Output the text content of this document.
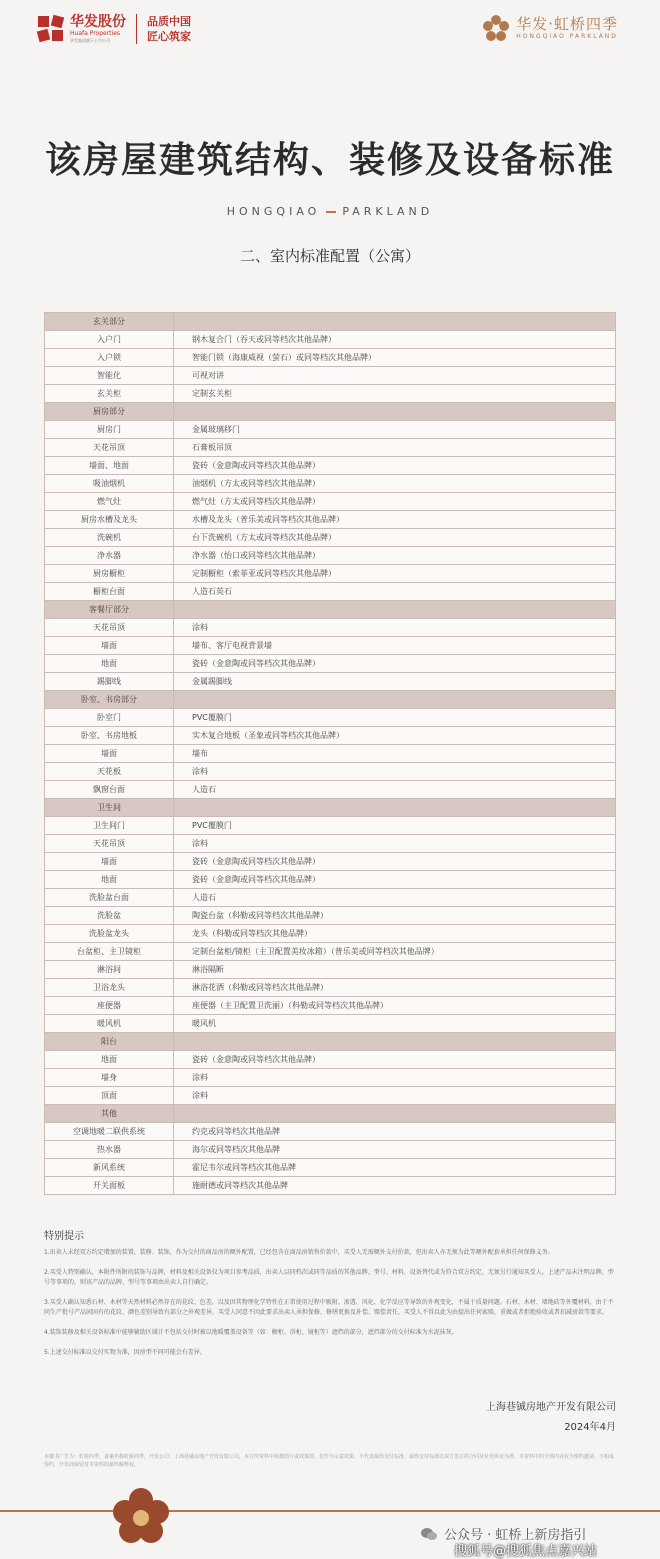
华发股份
Huafa Properties
华发集团旗下上市公司
品质中国
匠心筑家
华发·虹桥四季
HONGQIAO PARKLAND
该房屋建筑结构、装修及设备标准
HONGQIAO PARKLAND
二、室内标准配置（公寓）
玄关部分	
入户门	钢木复合门（吞天或同等档次其他品牌）
入户锁	智能门锁（海康威视（萤石）或同等档次其他品牌）
智能化	可视对讲
玄关柜	定制玄关柜
厨房部分	
厨房门	金属玻璃移门
天花吊顶	石膏板吊顶
墙面、地面	瓷砖（金意陶或同等档次其他品牌）
吸油烟机	油烟机（方太或同等档次其他品牌）
燃气灶	燃气灶（方太或同等档次其他品牌）
厨房水槽及龙头	水槽及龙头（普乐美或同等档次其他品牌）
洗碗机	台下洗碗机（方太或同等档次其他品牌）
净水器	净水器（怡口或同等档次其他品牌）
厨房橱柜	定制橱柜（索菲亚或同等档次其他品牌）
橱柜台面	人造石英石
客餐厅部分	
天花吊顶	涂料
墙面	墙布、客厅电视背景墙
地面	瓷砖（金意陶或同等档次其他品牌）
踢脚线	金属踢脚线
卧室、书房部分	
卧室门	PVC覆膜门
卧室、书房地板	实木复合地板（圣象或同等档次其他品牌）
墙面	墙布
天花板	涂料
飘窗台面	人造石
卫生间	
卫生间门	PVC覆膜门
天花吊顶	涂料
墙面	瓷砖（金意陶或同等档次其他品牌）
地面	瓷砖（金意陶或同等档次其他品牌）
洗脸盆台面	人造石
洗脸盆	陶瓷台盆（科勒或同等档次其他品牌）
洗脸盆龙头	龙头（科勒或同等档次其他品牌）
台盆柜、主卫镜柜	定制台盆柜/镜柜（主卫配置美妆冰箱）（普乐美或同等档次其他品牌）
淋浴间	淋浴隔断
卫浴龙头	淋浴花洒（科勒或同等档次其他品牌）
座便器	座便器（主卫配置卫洗丽）（科勒或同等档次其他品牌）
暖风机	暖风机
阳台	
地面	瓷砖（金意陶或同等档次其他品牌）
墙身	涂料
顶面	涂料
其他	
空调地暖二联供系统	约克或同等档次其他品牌
热水器	海尔或同等档次其他品牌
新风系统	霍尼韦尔或同等档次其他品牌
开关面板	施耐德或同等档次其他品牌
特别提示
1.出卖人未经双方约定增加的装置、装修、装饰，作为交付的商品房的额外配置，已经包含在商品房销售价款中，买受人无需额外支付价款，但出卖人亦无须为此等额外配套承担任何保修义务。
2.买受人特别确认，本附件所附的装饰与品牌，材料及相关设备仅为项目参考品质，出卖人以同档次或同等品质的其他品牌、型号、材料、设备替代或为符合双方约定，无须另行通知买受人。上述产品未注明品牌，型号等事项的，则该产品的品牌、型号等事项由出卖人自行确定。
3.买受人确认知悉石材、木材等天然材料必然存在的花纹、色差，以及因其物理化学特性在正常使用过程中吸附、渗透、风化、化学反应等导致的外观变化，不属于质量问题。石材、木材、墙地砖等外覆材料，由于不同生产批号产品间固有的花纹、颜色差别导致有部分之外观差异，买受人同意不因此要求出卖人承担保修、修缮更换及补偿、赔偿责任，买受人不得以此为由提出任何索赔，重做或者拒绝验收或者扣减房款等要求。
4.装饰装修及相关设备标准中能够辅助区域计不包括交付时被以地暖覆盖设备等（如：橱柜、浴柜、镜柜等）遮挡的部分，遮挡部分的交付标准为水泥抹灰。
5.上述交付标准以交付实物为准，因房型不同可能会有差异。
上海巷铖房地产开发有限公司
2024年4月
本楼书广告为：虹桥四季，备案名称虹桥四季，开发公司：上海巷铖房地产开发有限公司，本宣传资料中所载图片或效果图，仅作为示意效果，不代表最终交付标准，最终交付标准以双方签订的合同及补充协议为准。本资料中的全部内容仅为要约邀请，不构成要约，开发商保留对本资料的最终解释权。
公众号 · 虹桥上新房指引
搜狐号@搜狐焦点嘉兴站
